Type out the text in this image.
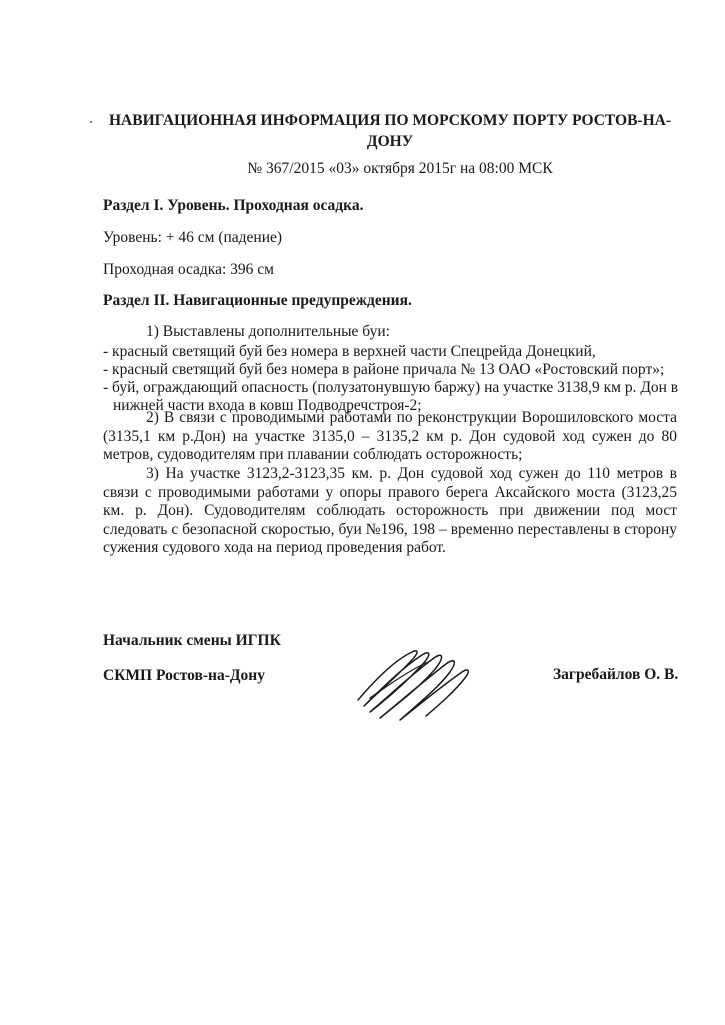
НАВИГАЦИОННАЯ ИНФОРМАЦИЯ ПО МОРСКОМУ ПОРТУ РОСТОВ-НА-ДОНУ
№ 367/2015 «03» октября 2015г на 08:00 МСК
Раздел I. Уровень. Проходная осадка.
Уровень: + 46 см (падение)
Проходная осадка: 396 см
Раздел II. Навигационные предупреждения.
1) Выставлены дополнительные буи:
- красный светящий буй без номера в верхней части Спецрейда Донецкий,
- красный светящий буй без номера в районе причала № 13 ОАО «Ростовский порт»;
- буй, ограждающий опасность (полузатонувшую баржу) на участке 3138,9 км р. Дон в
нижней части входа в ковш Подводречстроя-2;
2) В связи с проводимыми работами по реконструкции Ворошиловского моста (3135,1 км р.Дон) на участке 3135,0 – 3135,2 км р. Дон судовой ход сужен до 80 метров, судоводителям при плавании соблюдать осторожность;
3) На участке 3123,2-3123,35 км. р. Дон судовой ход сужен до 110 метров в связи с проводимыми работами у опоры правого берега Аксайского моста (3123,25 км. р. Дон). Судоводителям соблюдать осторожность при движении под мост следовать с безопасной скоростью, буи №196, 198 – временно переставлены в сторону сужения судового хода на период проведения работ.
Начальник смены ИГПК
СКМП Ростов-на-Дону	Загребайлов О. В.
